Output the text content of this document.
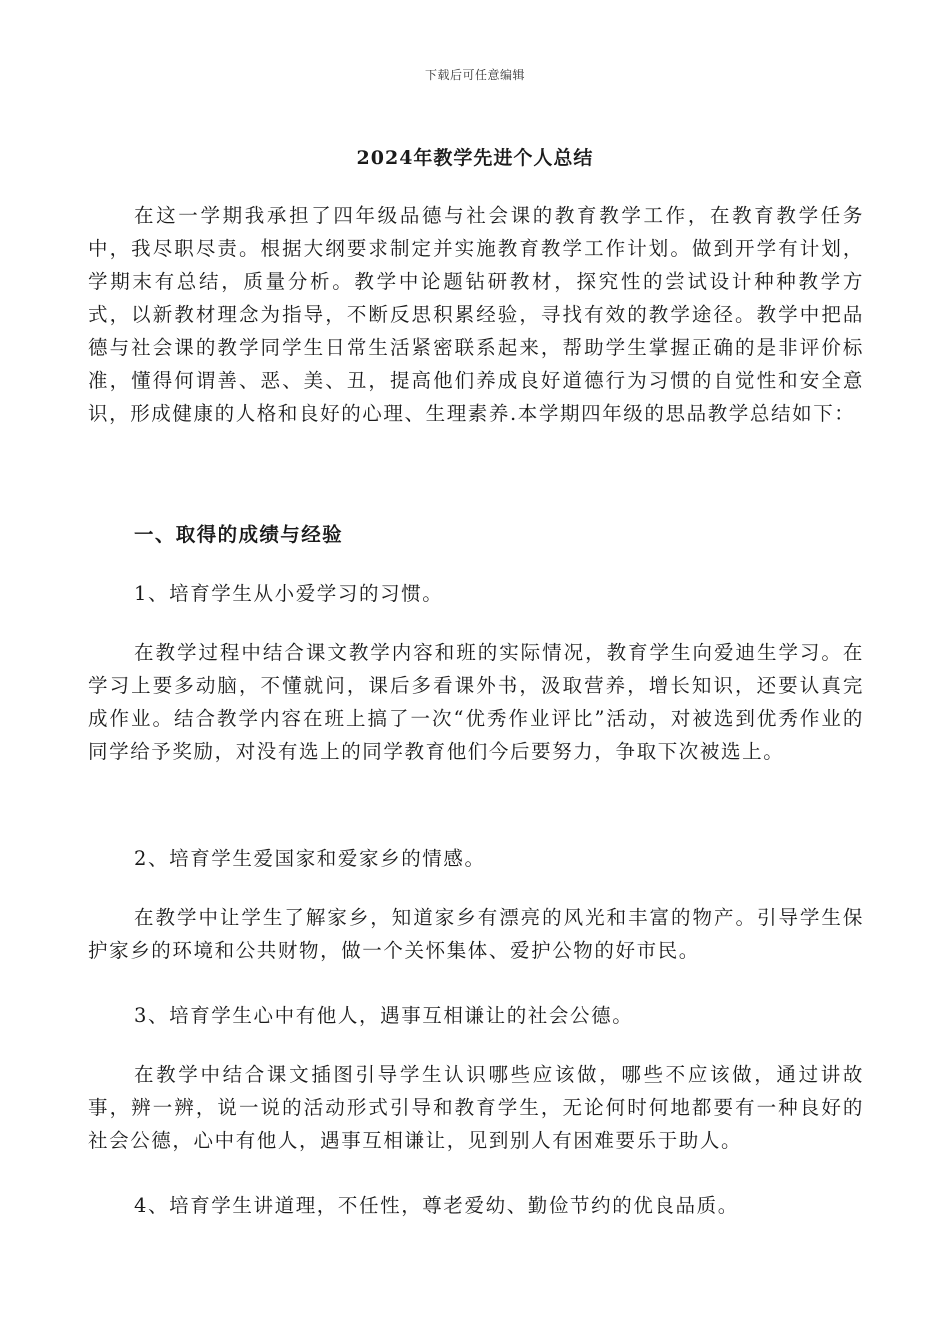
下载后可任意编辑
2024年教学先进个人总结

在这一学期我承担了四年级品德与社会课的教育教学工作，在教育教学任务中，我尽职尽责。根据大纲要求制定并实施教育教学工作计划。做到开学有计划，学期末有总结，质量分析。教学中论题钻研教材，探究性的尝试设计种种教学方式，以新教材理念为指导，不断反思积累经验，寻找有效的教学途径。教学中把品德与社会课的教学同学生日常生活紧密联系起来，帮助学生掌握正确的是非评价标准，懂得何谓善、恶、美、丑，提高他们养成良好道德行为习惯的自觉性和安全意识，形成健康的人格和良好的心理、生理素养.本学期四年级的思品教学总结如下：

一、取得的成绩与经验

1、培育学生从小爱学习的习惯。

在教学过程中结合课文教学内容和班的实际情况，教育学生向爱迪生学习。在学习上要多动脑，不懂就问，课后多看课外书，汲取营养，增长知识，还要认真完成作业。结合教学内容在班上搞了一次“优秀作业评比”活动，对被选到优秀作业的同学给予奖励，对没有选上的同学教育他们今后要努力，争取下次被选上。

2、培育学生爱国家和爱家乡的情感。

在教学中让学生了解家乡，知道家乡有漂亮的风光和丰富的物产。引导学生保护家乡的环境和公共财物，做一个关怀集体、爱护公物的好市民。

3、培育学生心中有他人，遇事互相谦让的社会公德。

在教学中结合课文插图引导学生认识哪些应该做，哪些不应该做，通过讲故事，辨一辨，说一说的活动形式引导和教育学生，无论何时何地都要有一种良好的社会公德，心中有他人，遇事互相谦让，见到别人有困难要乐于助人。

4、培育学生讲道理，不任性，尊老爱幼、勤俭节约的优良品质。
